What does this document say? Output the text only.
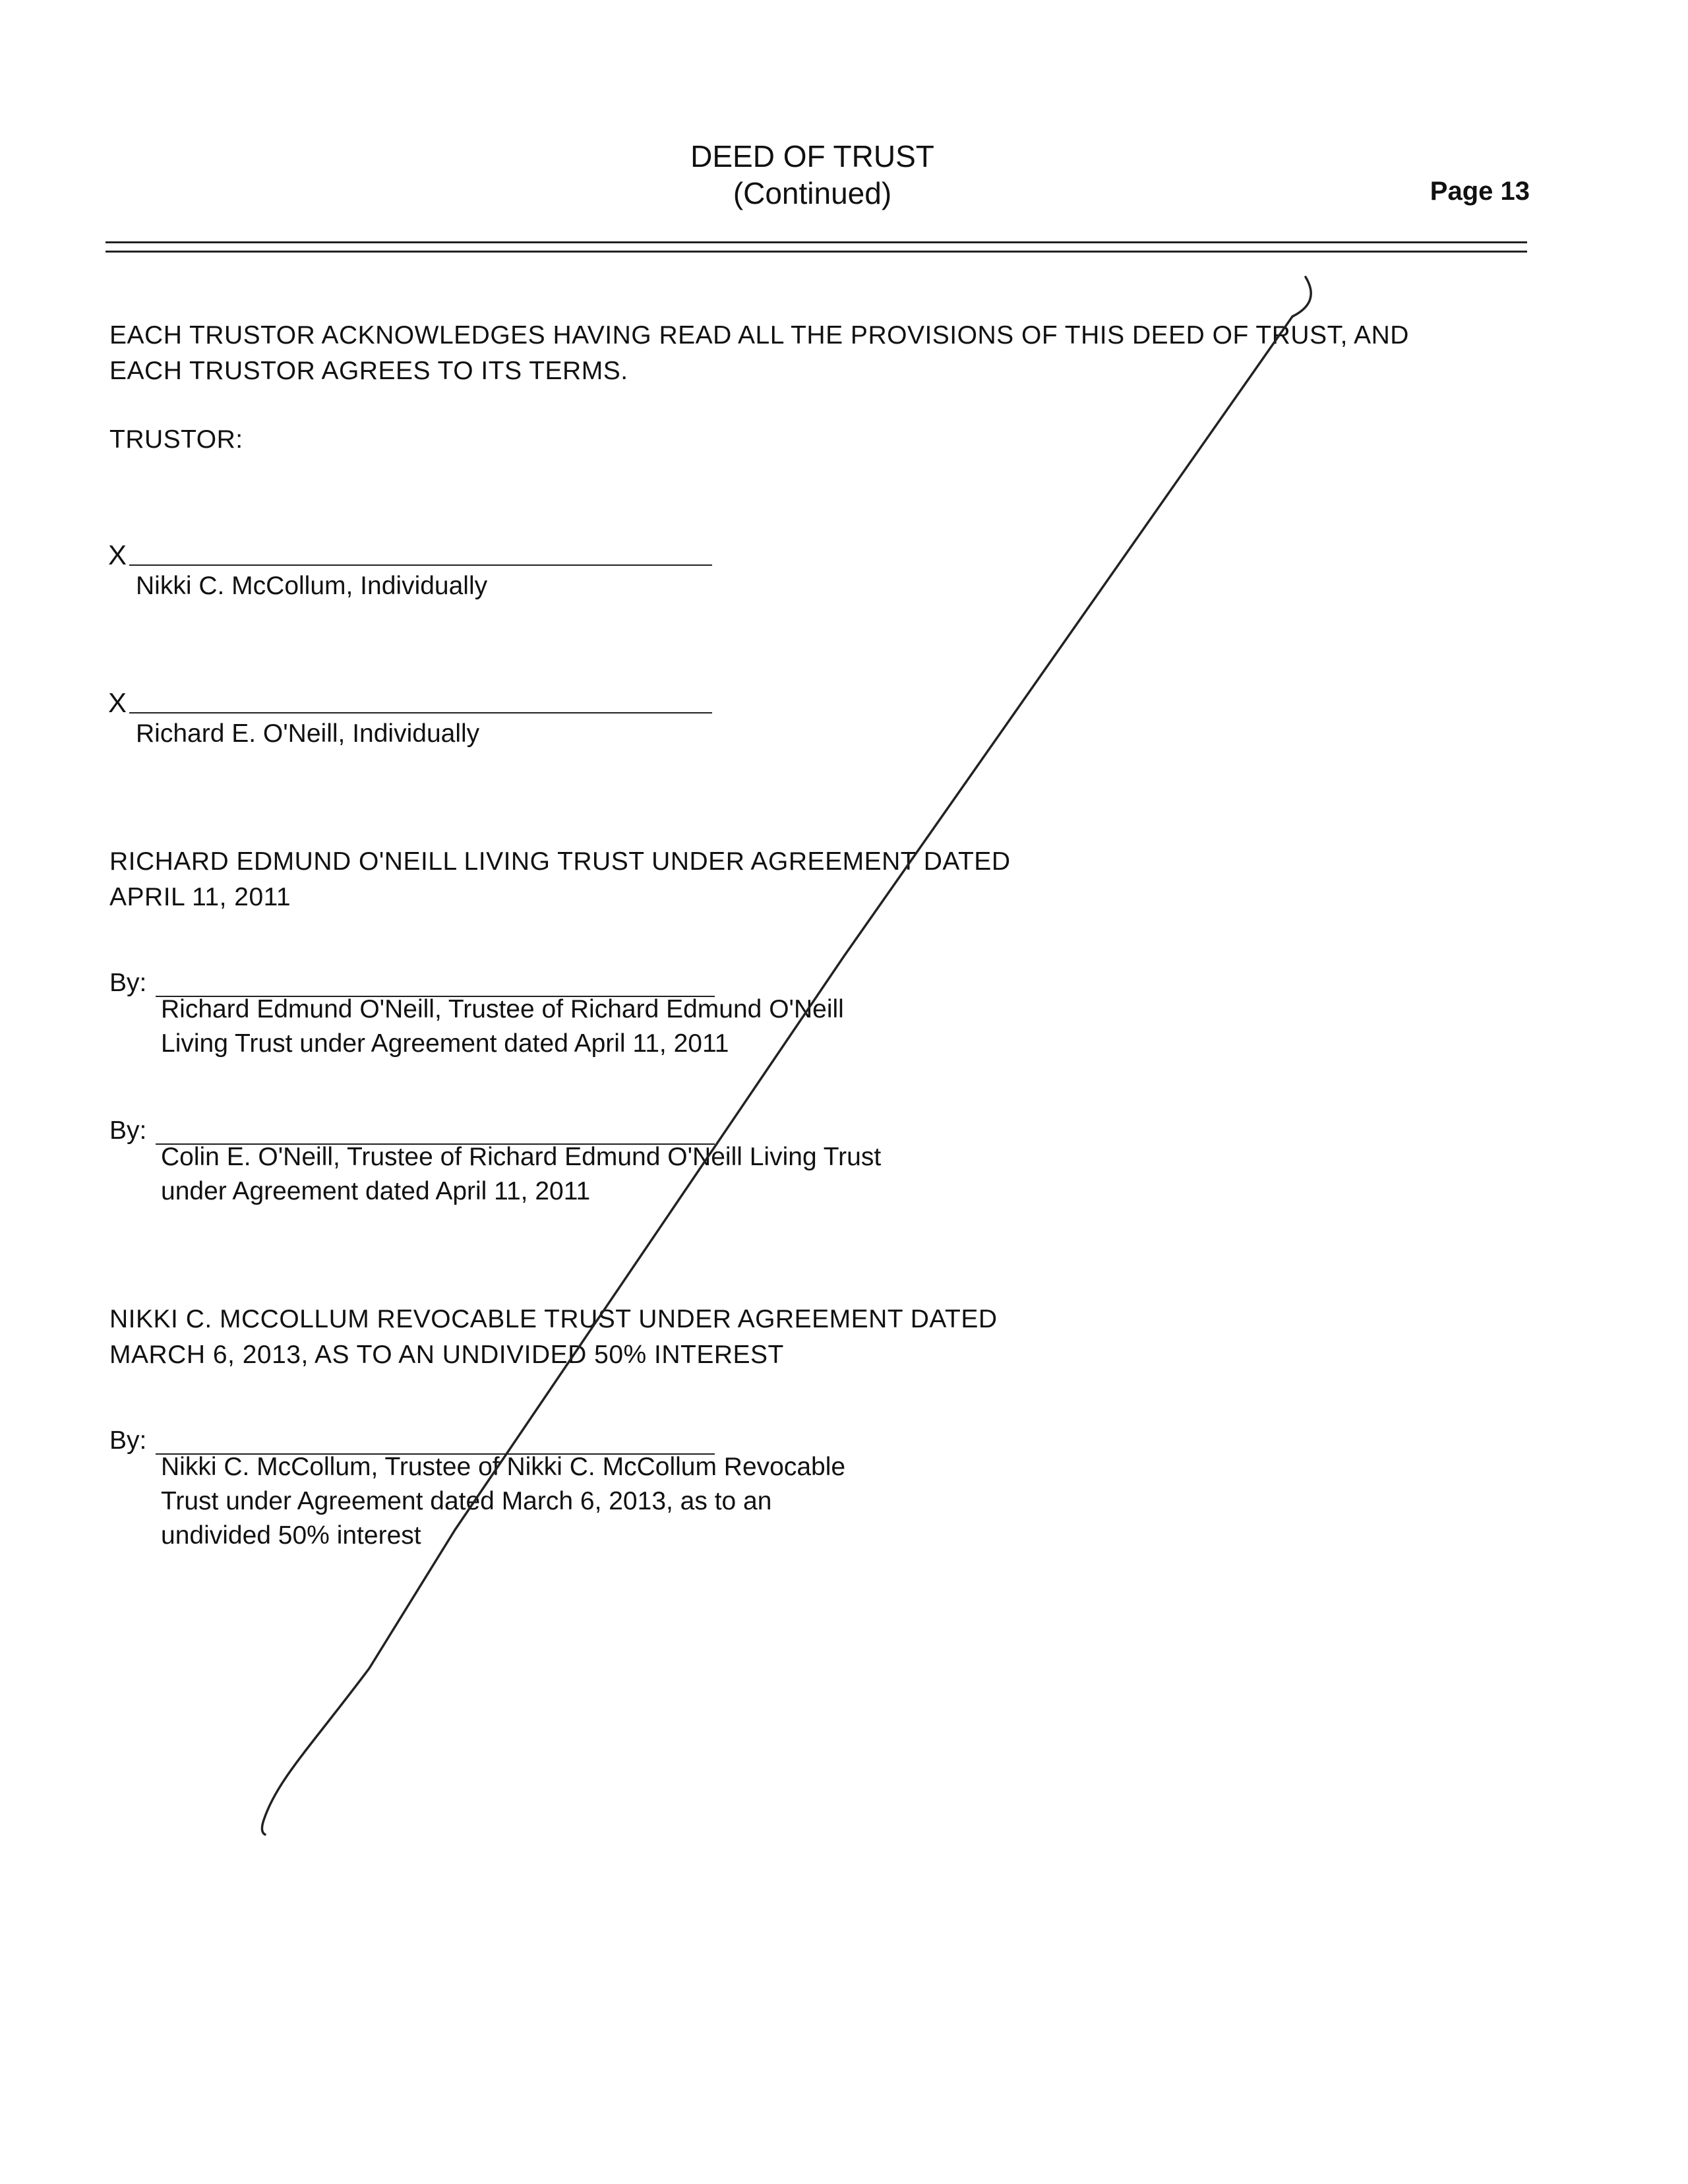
DEED OF TRUST
(Continued)	Page 13
EACH TRUSTOR ACKNOWLEDGES HAVING READ ALL THE PROVISIONS OF THIS DEED OF TRUST, AND
EACH TRUSTOR AGREES TO ITS TERMS.
TRUSTOR:
X
Nikki C. McCollum, Individually
X
Richard E. O'Neill, Individually
RICHARD EDMUND O'NEILL LIVING TRUST UNDER AGREEMENT DATED
APRIL 11, 2011
By:
Richard Edmund O'Neill, Trustee of Richard Edmund O'Neill
Living Trust under Agreement dated April 11, 2011
By:
Colin E. O'Neill, Trustee of Richard Edmund O'Neill Living Trust
under Agreement dated April 11, 2011
NIKKI C. MCCOLLUM REVOCABLE TRUST UNDER AGREEMENT DATED
MARCH 6, 2013, AS TO AN UNDIVIDED 50% INTEREST
By:
Nikki C. McCollum, Trustee of Nikki C. McCollum Revocable
Trust under Agreement dated March 6, 2013, as to an
undivided 50% interest
